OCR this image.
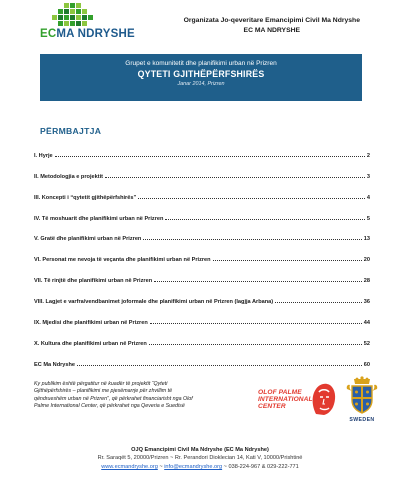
ECMA NDRYSHE
Organizata Jo-qeveritare Emancipimi Civil Ma Ndryshe
EC MA NDRYSHE
Grupet e komunitetit dhe planifikimi urban në Prizren
QYTETI GJITHËPËRFSHIRËS
Janar 2014, Prizren
PËRMBAJTJA
I. Hyrje	2
II. Metodologjia e projektit	3
III. Koncepti i “qytetit gjithëpërfshirës”	4
IV. Të moshuarit dhe planifikimi urban në Prizren	5
V. Gratë dhe planifikimi urban në Prizren	13
VI. Personat me nevoja të veçanta dhe planifikimi urban në Prizren	20
VII. Të rinjtë dhe planifikimi urban në Prizren	28
VIII. Lagjet e varfra/vendbanimet joformale dhe planifikimi urban në Prizren (lagjja Arbana)	36
IX. Mjedisi dhe planifikimi urban në Prizren	44
X. Kultura dhe planifikimi urban në Prizren	52
EC Ma Ndryshe	60
Ky publikim është përgatitur në kuadër të projektit “Qyteti
Gjithëpërfshirës – planifikimi me pjesëmarrje për zhvillim të
qëndrueshëm urban në Prizren”, që përkrahet financiarisht nga Olof
Palme International Center, që përkrahet nga Qeveria e Suedisë
OLOF PALME
INTERNATIONAL
CENTER
SWEDEN
OJQ Emancipimi Civil Ma Ndryshe (EC Ma Ndryshe)
Rr. Saraqët 5, 20000/Prizren ~ Rr. Perandori Dioklecian 14, Kati V, 10000/Prishtinë
www.ecmandryshe.org ~ info@ecmandryshe.org ~ 038-224-967 & 029-222-771
